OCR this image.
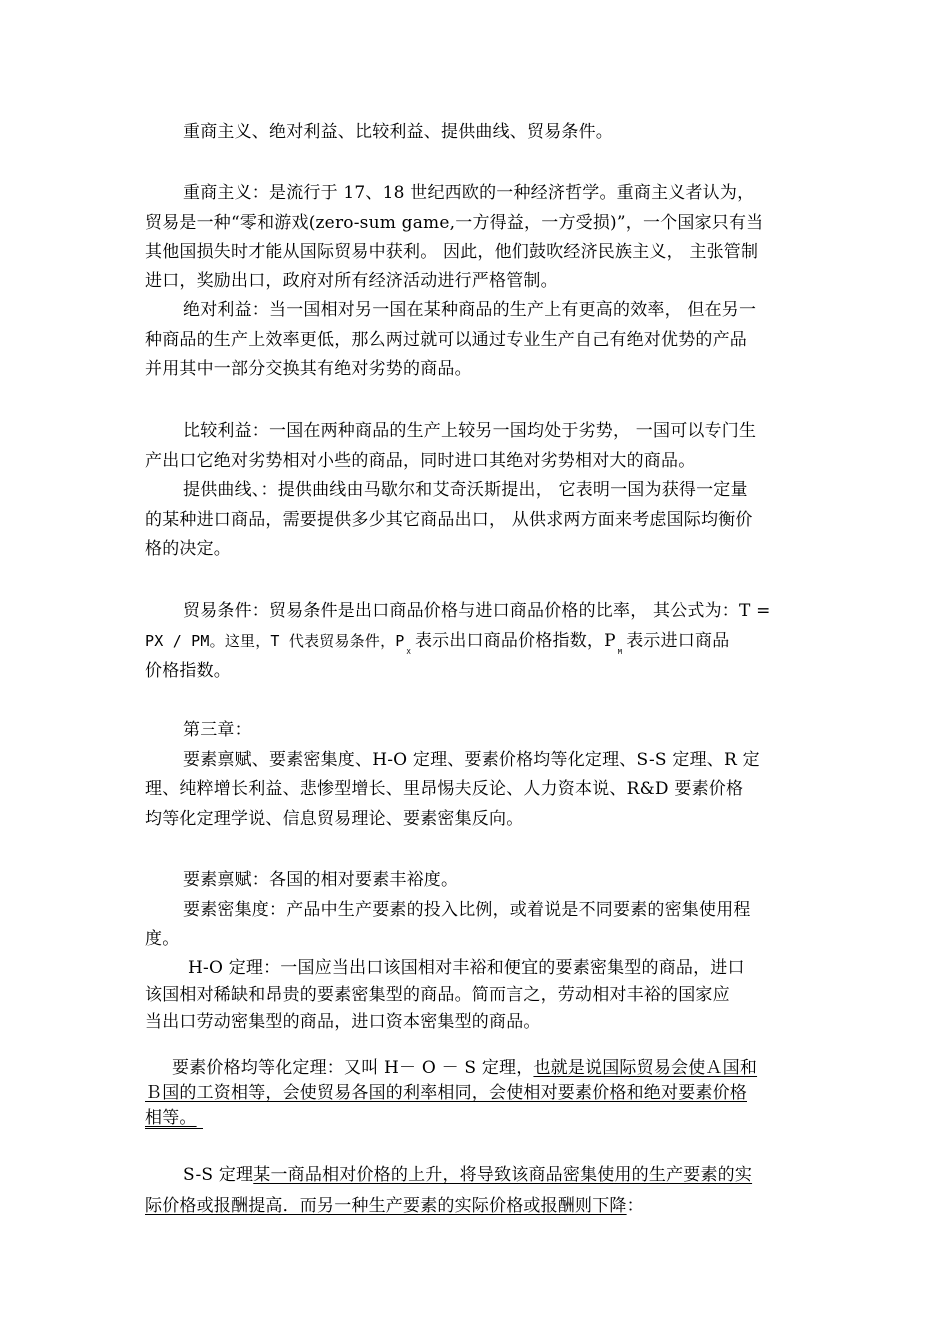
重商主义、绝对利益、比较利益、提供曲线、贸易条件。
重商主义：是流行于 17、18 世纪西欧的一种经济哲学。重商主义者认为，
贸易是一种“零和游戏(zero-sum game,一方得益，一方受损)”，一个国家只有当
其他国损失时才能从国际贸易中获利。 因此，他们鼓吹经济民族主义， 主张管制
进口，奖励出口，政府对所有经济活动进行严格管制。
绝对利益：当一国相对另一国在某种商品的生产上有更高的效率， 但在另一
种商品的生产上效率更低，那么两过就可以通过专业生产自己有绝对优势的产品
并用其中一部分交换其有绝对劣势的商品。
比较利益：一国在两种商品的生产上较另一国均处于劣势， 一国可以专门生
产出口它绝对劣势相对小些的商品，同时进口其绝对劣势相对大的商品。
提供曲线、：提供曲线由马歇尔和艾奇沃斯提出， 它表明一国为获得一定量
的某种进口商品，需要提供多少其它商品出口， 从供求两方面来考虑国际均衡价
格的决定。
贸易条件：贸易条件是出口商品价格与进口商品价格的比率， 其公式为：T =
PX / PM。这里，T 代表贸易条件，$P_X$表示出口商品价格指数，$P_M$表示进口商品
价格指数。
第三章：
要素禀赋、要素密集度、H-O 定理、要素价格均等化定理、S-S 定理、R 定
理、纯粹增长利益、悲惨型增长、里昂惕夫反论、人力资本说、R&D 要素价格
均等化定理学说、信息贸易理论、要素密集反向。
要素禀赋：各国的相对要素丰裕度。
要素密集度：产品中生产要素的投入比例，或着说是不同要素的密集使用程
度。
H-O 定理：一国应当出口该国相对丰裕和便宜的要素密集型的商品，进口
该国相对稀缺和昂贵的要素密集型的商品。简而言之，劳动相对丰裕的国家应
当出口劳动密集型的商品，进口资本密集型的商品。
要素价格均等化定理：又叫 H－ O － S 定理，也就是说国际贸易会使Ａ国和
Ｂ国的工资相等，会使贸易各国的利率相同，会使相对要素价格和绝对要素价格
相等。
S-S 定理某一商品相对价格的上升，将导致该商品密集使用的生产要素的实
际价格或报酬提高．而另一种生产要素的实际价格或报酬则下降：
